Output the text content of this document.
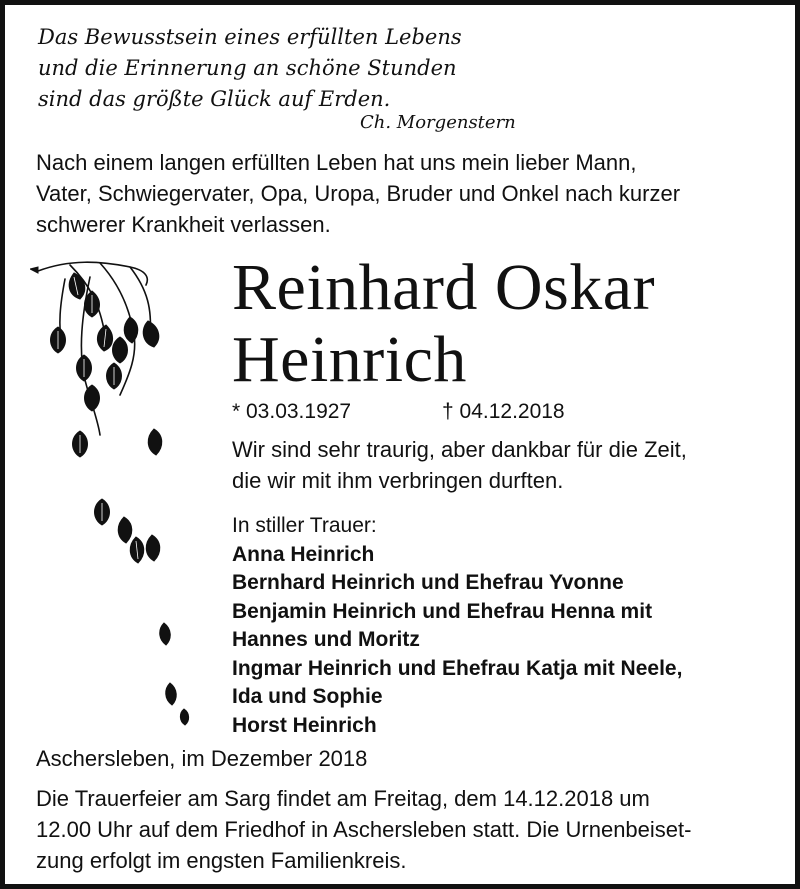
Das Bewusstsein eines erfüllten Lebens
und die Erinnerung an schöne Stunden
sind das größte Glück auf Erden.
Ch. Morgenstern
Nach einem langen erfüllten Leben hat uns mein lieber Mann,
Vater, Schwiegervater, Opa, Uropa, Bruder und Onkel nach kurzer
schwerer Krankheit verlassen.
Reinhard Oskar
Heinrich
* 03.03.1927	† 04.12.2018
Wir sind sehr traurig, aber dankbar für die Zeit,
die wir mit ihm verbringen durften.
In stiller Trauer:
Anna Heinrich
Bernhard Heinrich und Ehefrau Yvonne
Benjamin Heinrich und Ehefrau Henna mit
Hannes und Moritz
Ingmar Heinrich und Ehefrau Katja mit Neele,
Ida und Sophie
Horst Heinrich
Aschersleben, im Dezember 2018
Die Trauerfeier am Sarg findet am Freitag, dem 14.12.2018 um
12.00 Uhr auf dem Friedhof in Aschersleben statt. Die Urnenbeiset-
zung erfolgt im engsten Familienkreis.
